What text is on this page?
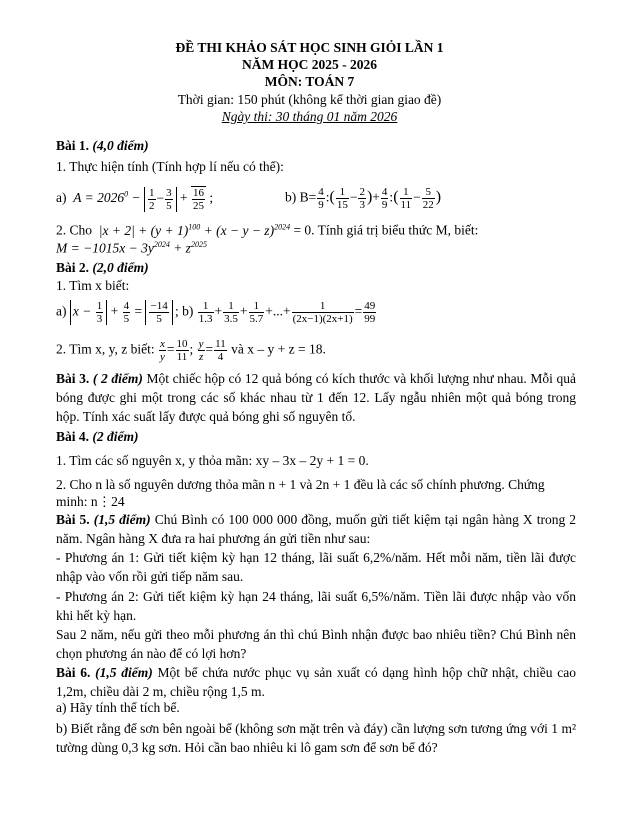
ĐỀ THI KHẢO SÁT HỌC SINH GIỎI LẦN 1
NĂM HỌC 2025 - 2026
MÔN: TOÁN 7
Thời gian: 150 phút (không kể thời gian giao đề)
Ngày thi: 30 tháng 01 năm 2026
Bài 1. (4,0 điểm)
1. Thực hiện tính (Tính hợp lí nếu có thể):
a)  $A = 2026^0 - \frac{1}{2} - \frac{3}{5} + \frac{16}{25}$ ;	b) $B= \frac{4}{9}$ :( $\frac{1}{15} - \frac{2}{3}$ )+ $\frac{4}{9}$ :( $\frac{1}{11} - \frac{5}{22}$ )
2. Cho  $|x + 2| + (y + 1)^{100} + (x - y - z)^{2024} = 0$. Tính giá trị biểu thức M, biết:
$M = -1015x - 3y^{2024} + z^{2025}$
Bài 2. (2,0 điểm)
1. Tìm x biết:
a) $x - \frac{1}{3} + \frac{4}{5} = \frac{-14}{5}$ ; $b) \frac{1}{1.3} + \frac{1}{3.5} + \frac{1}{5.7}$ +...+ $\frac{1}{(2x-1)(2x+1)} = \frac{49}{99}$
2. Tìm x, y, z biết: $\frac{x}{y} = \frac{10}{11}$ ; $\frac{y}{z} = \frac{11}{4}$ và x – y + z = 18.
Bài 3. ( 2 điểm) Một chiếc hộp có 12 quả bóng có kích thước và khối lượng như nhau. Mỗi quả bóng được ghi một trong các số khác nhau từ 1 đến 12. Lấy ngẫu nhiên một quả bóng trong hộp. Tính xác suất lấy được quả bóng ghi số nguyên tố.
Bài 4. (2 điểm)
1. Tìm các số nguyên x, y thỏa mãn: xy – 3x – 2y + 1 = 0.
2. Cho n là số nguyên dương thỏa mãn n + 1 và 2n + 1 đều là các số chính phương. Chứng
minh: n⋮24
Bài 5. (1,5 điểm) Chú Bình có 100 000 000 đồng, muốn gửi tiết kiệm tại ngân hàng X trong 2 năm. Ngân hàng X đưa ra hai phương án gửi tiền như sau:
- Phương án 1: Gửi tiết kiệm kỳ hạn 12 tháng, lãi suất 6,2%/năm. Hết mỗi năm, tiền lãi được nhập vào vốn rồi gửi tiếp năm sau.
- Phương án 2: Gửi tiết kiệm kỳ hạn 24 tháng, lãi suất 6,5%/năm. Tiền lãi được nhập vào vốn khi hết kỳ hạn.
Sau 2 năm, nếu gửi theo mỗi phương án thì chú Bình nhận được bao nhiêu tiền? Chú Bình nên chọn phương án nào để có lợi hơn?
Bài 6. (1,5 điểm) Một bể chứa nước phục vụ sản xuất có dạng hình hộp chữ nhật, chiều cao 1,2m, chiều dài 2 m, chiều rộng 1,5 m.
a) Hãy tính thể tích bể.
b) Biết rằng để sơn bên ngoài bể (không sơn mặt trên và đáy) cần lượng sơn tương ứng với 1 m² tường dùng 0,3 kg sơn. Hỏi cần bao nhiêu ki lô gam sơn để sơn bể đó?
